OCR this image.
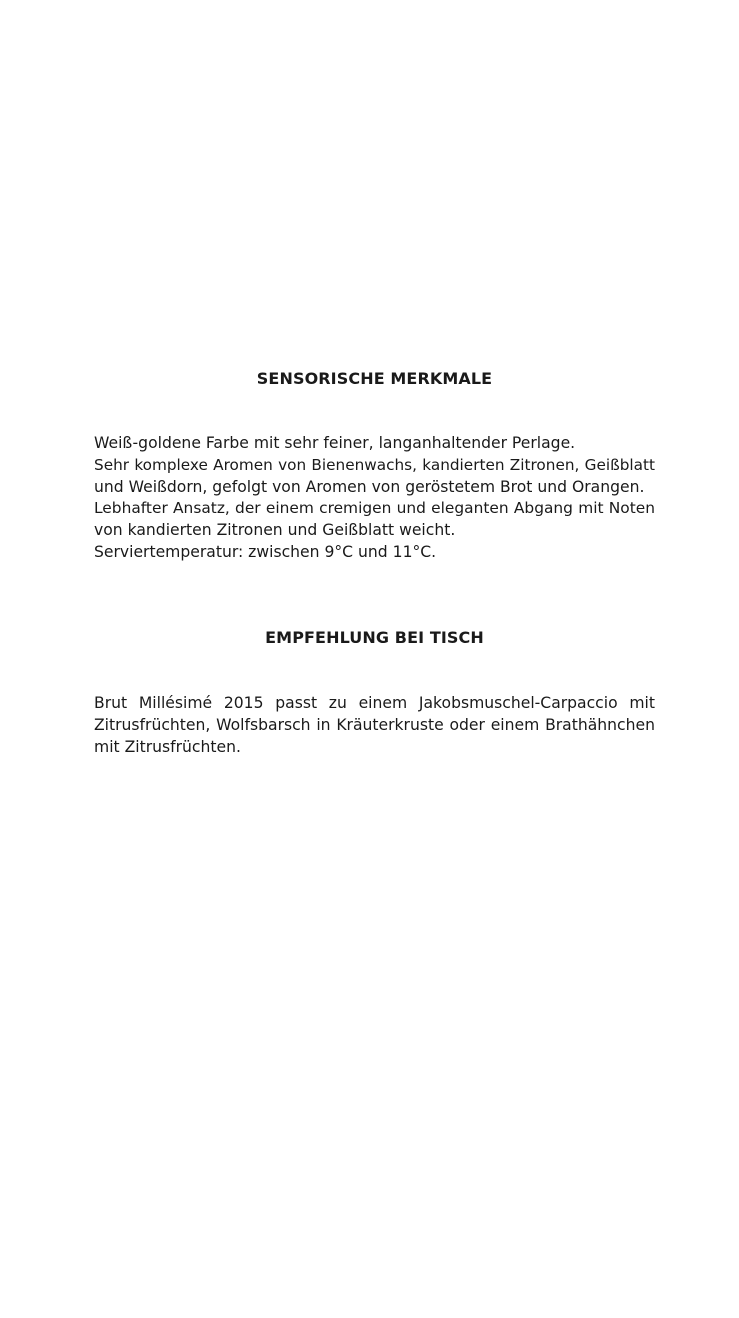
SENSORISCHE MERKMALE
Weiß-goldene Farbe mit sehr feiner, langanhaltender Perlage.
Sehr komplexe Aromen von Bienenwachs, kandierten Zitronen, Geißblatt
und Weißdorn, gefolgt von Aromen von geröstetem Brot und Orangen.
Lebhafter Ansatz, der einem cremigen und eleganten Abgang mit Noten
von kandierten Zitronen und Geißblatt weicht.
Serviertemperatur: zwischen 9°C und 11°C.
EMPFEHLUNG BEI TISCH
Brut Millésimé 2015 passt zu einem Jakobsmuschel-Carpaccio mit
Zitrusfrüchten, Wolfsbarsch in Kräuterkruste oder einem Brathähnchen
mit Zitrusfrüchten.
